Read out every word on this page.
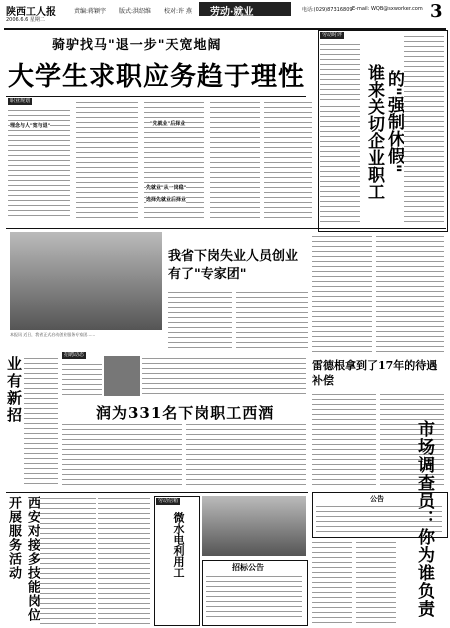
陕西工人报
2006.6.6 星期二
责编:蒋颖宇 版式:洪绍维 校对:许 燕 劳动·就业	电话:(029)87316809 E-mail: WQB@sxworker.com 3
骑驴找马"退一步"天宽地阔
大学生求职应务趋于理性
职业规划
理念与人"宽与退"	"先就业"后择业
先就业"从一岗稳"
选择先就业后择业
劳动时评
谁来关切企业职工 的"强制休假"
本报讯 近日，我省正式启动创业服务专家团……
我省下岗失业人员创业有了"专家团"
雷德根拿到了17年的待遇补偿
业有新招
招聘动态
润为331名下岗职工西酒
西安对接多技能岗位开展服务活动	劳动信箱
微水电利用工	招标公告
公告 市场调查员：你为谁负责
